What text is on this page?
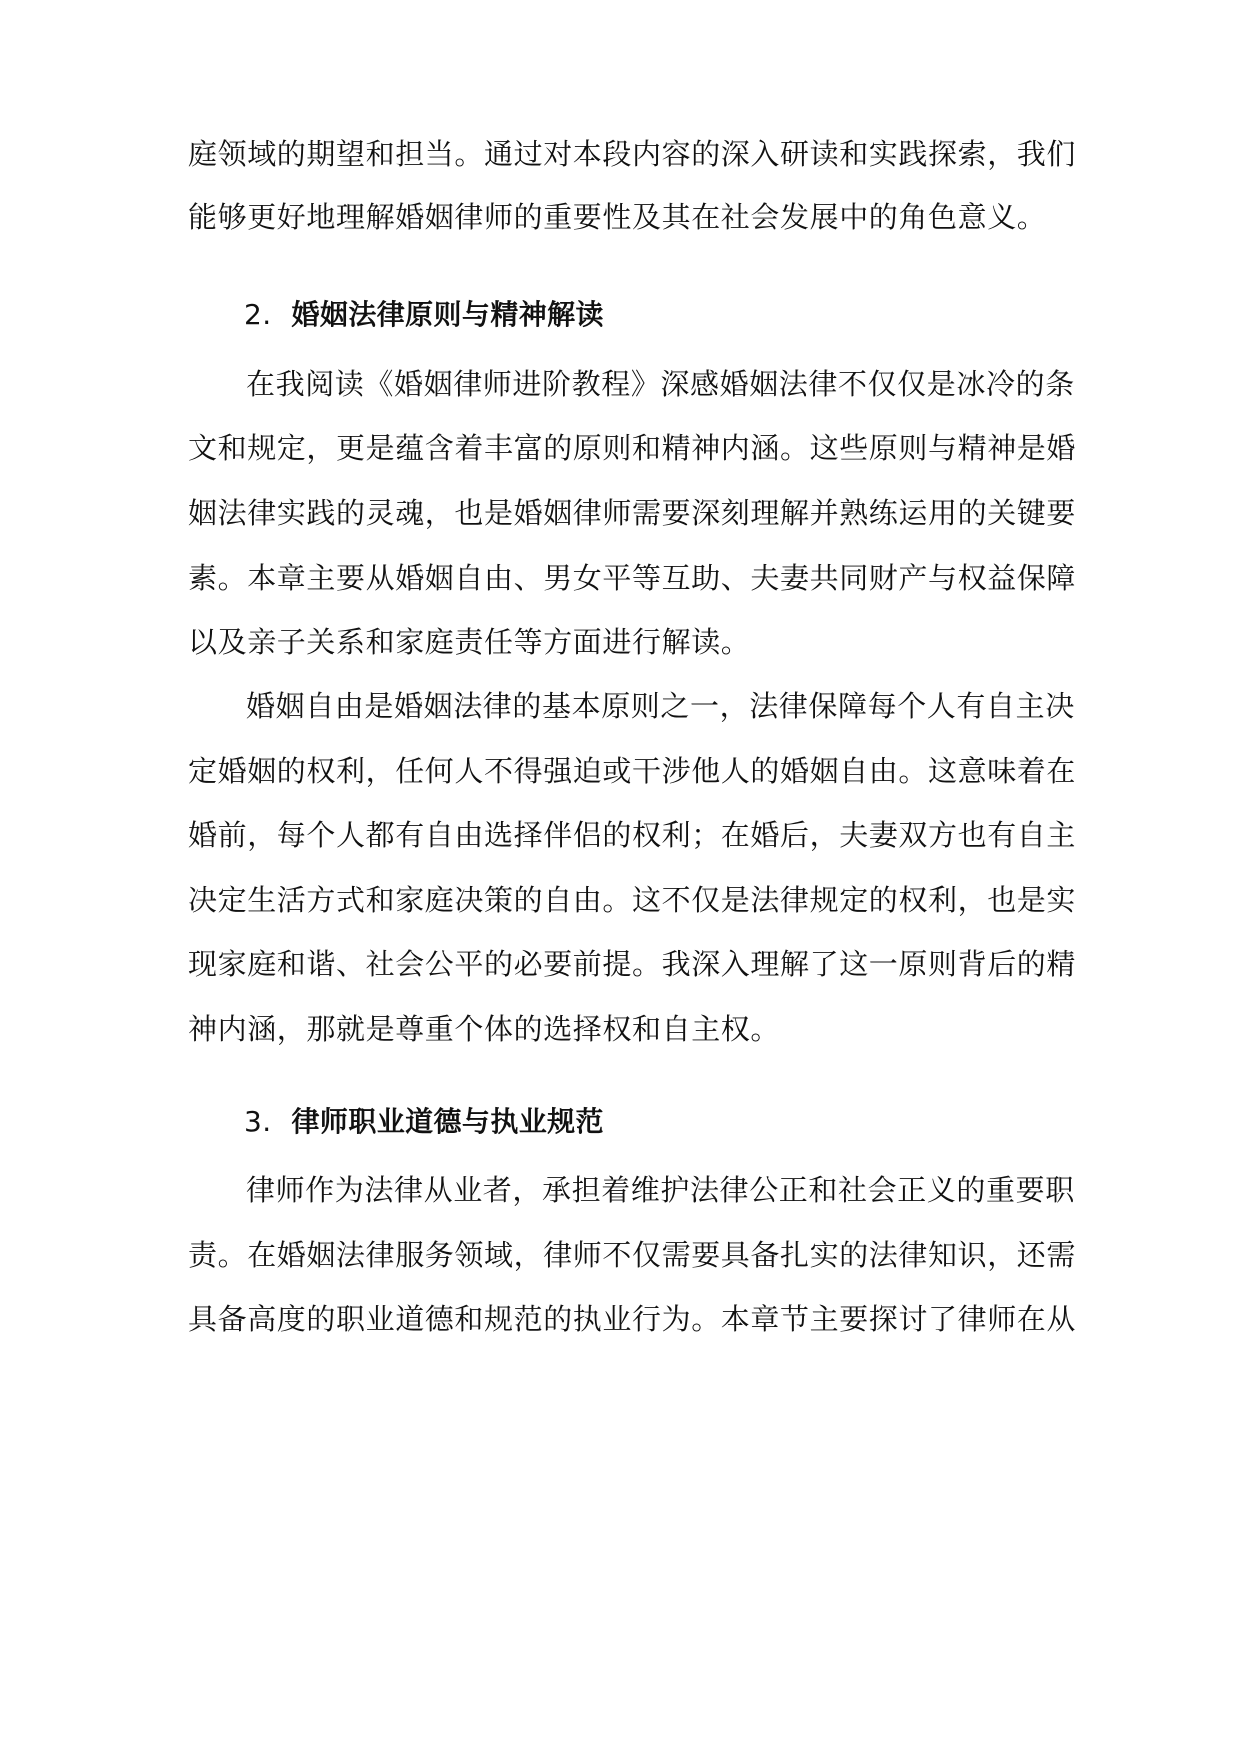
庭领域的期望和担当。通过对本段内容的深入研读和实践探索，我们
能够更好地理解婚姻律师的重要性及其在社会发展中的角色意义。
2. 婚姻法律原则与精神解读
在我阅读《婚姻律师进阶教程》深感婚姻法律不仅仅是冰冷的条
文和规定，更是蕴含着丰富的原则和精神内涵。这些原则与精神是婚
姻法律实践的灵魂，也是婚姻律师需要深刻理解并熟练运用的关键要
素。本章主要从婚姻自由、男女平等互助、夫妻共同财产与权益保障
以及亲子关系和家庭责任等方面进行解读。
婚姻自由是婚姻法律的基本原则之一，法律保障每个人有自主决
定婚姻的权利，任何人不得强迫或干涉他人的婚姻自由。这意味着在
婚前，每个人都有自由选择伴侣的权利；在婚后，夫妻双方也有自主
决定生活方式和家庭决策的自由。这不仅是法律规定的权利，也是实
现家庭和谐、社会公平的必要前提。我深入理解了这一原则背后的精
神内涵，那就是尊重个体的选择权和自主权。
3. 律师职业道德与执业规范
律师作为法律从业者，承担着维护法律公正和社会正义的重要职
责。在婚姻法律服务领域，律师不仅需要具备扎实的法律知识，还需
具备高度的职业道德和规范的执业行为。本章节主要探讨了律师在从
